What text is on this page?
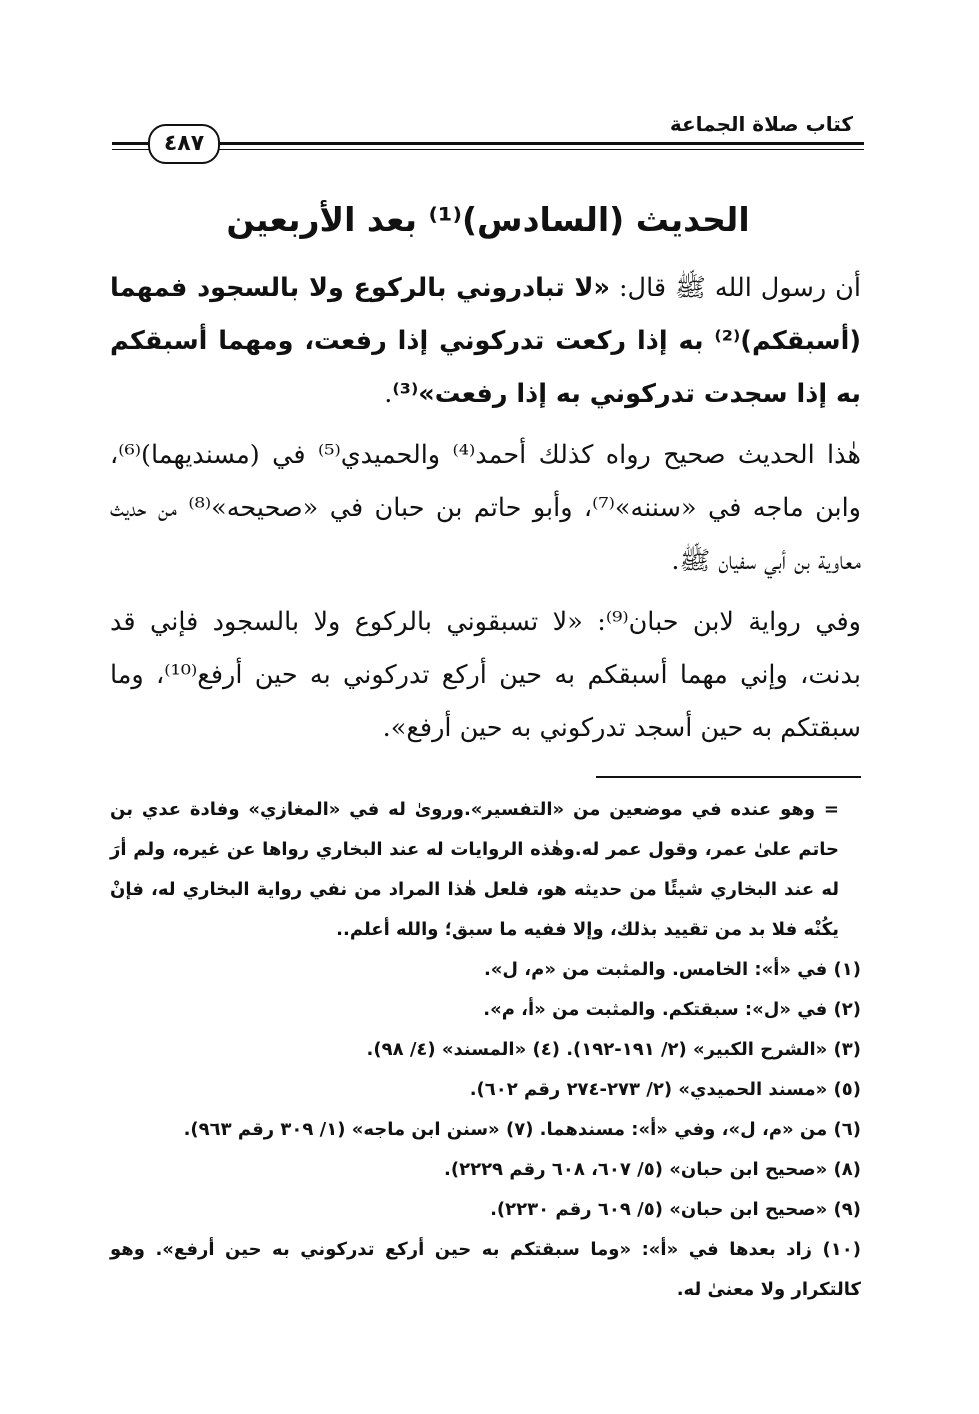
٤٨٧
كتاب صلاة الجماعة
الحديث (السادس)⁽¹⁾ بعد الأربعين

أن رسول الله ﷺ قال: «لا تبادروني بالركوع ولا بالسجود فمهما (أسبقكم)⁽²⁾ به إذا ركعت تدركوني إذا رفعت، ومهما أسبقكم به إذا سجدت تدركوني به إذا رفعت»⁽³⁾.

هٰذا الحديث صحيح رواه كذلك أحمد⁽⁴⁾ والحميدي⁽⁵⁾ في (مسنديهما)⁽⁶⁾، وابن ماجه في «سننه»⁽⁷⁾، وأبو حاتم بن حبان في «صحيحه»⁽⁸⁾ من حديث معاوية بن أبي سفيان ﷺ.

وفي رواية لابن حبان⁽⁹⁾: «لا تسبقوني بالركوع ولا بالسجود فإني قد بدنت، وإني مهما أسبقكم به حين أركع تدركوني به حين أرفع⁽¹⁰⁾، وما سبقتكم به حين أسجد تدركوني به حين أرفع».

= وهو عنده في موضعين من «التفسير».ورویٰ له في «المغازي» وفادة عدي بن حاتم علىٰ عمر، وقول عمر له.وهٰذه الروايات له عند البخاري رواها عن غيره، ولم أرَ له عند البخاري شيئًا من حديثه هو، فلعل هٰذا المراد من نفي رواية البخاري له، فإنْ يكُنْه فلا بد من تقييد بذلك، وإلا ففيه ما سبق؛ والله أعلم..

(١) في «أ»: الخامس. والمثبت من «م، ل».

(٢) في «ل»: سبقتكم. والمثبت من «أ، م».

(٣) «الشرح الكبير» (٢/ ١٩١-١٩٢). (٤) «المسند» (٤/ ٩٨).

(٥) «مسند الحميدي» (٢/ ٢٧٣-٢٧٤ رقم ٦٠٢).

(٦) من «م، ل»، وفي «أ»: مسندهما. (٧) «سنن ابن ماجه» (١/ ٣٠٩ رقم ٩٦٣).

(٨) «صحيح ابن حبان» (٥/ ٦٠٧، ٦٠٨ رقم ٢٢٢٩).

(٩) «صحيح ابن حبان» (٥/ ٦٠٩ رقم ٢٢٣٠).

(١٠) زاد بعدها في «أ»: «وما سبقتكم به حين أركع تدركوني به حين أرفع». وهو كالتكرار ولا معنىٰ له.
